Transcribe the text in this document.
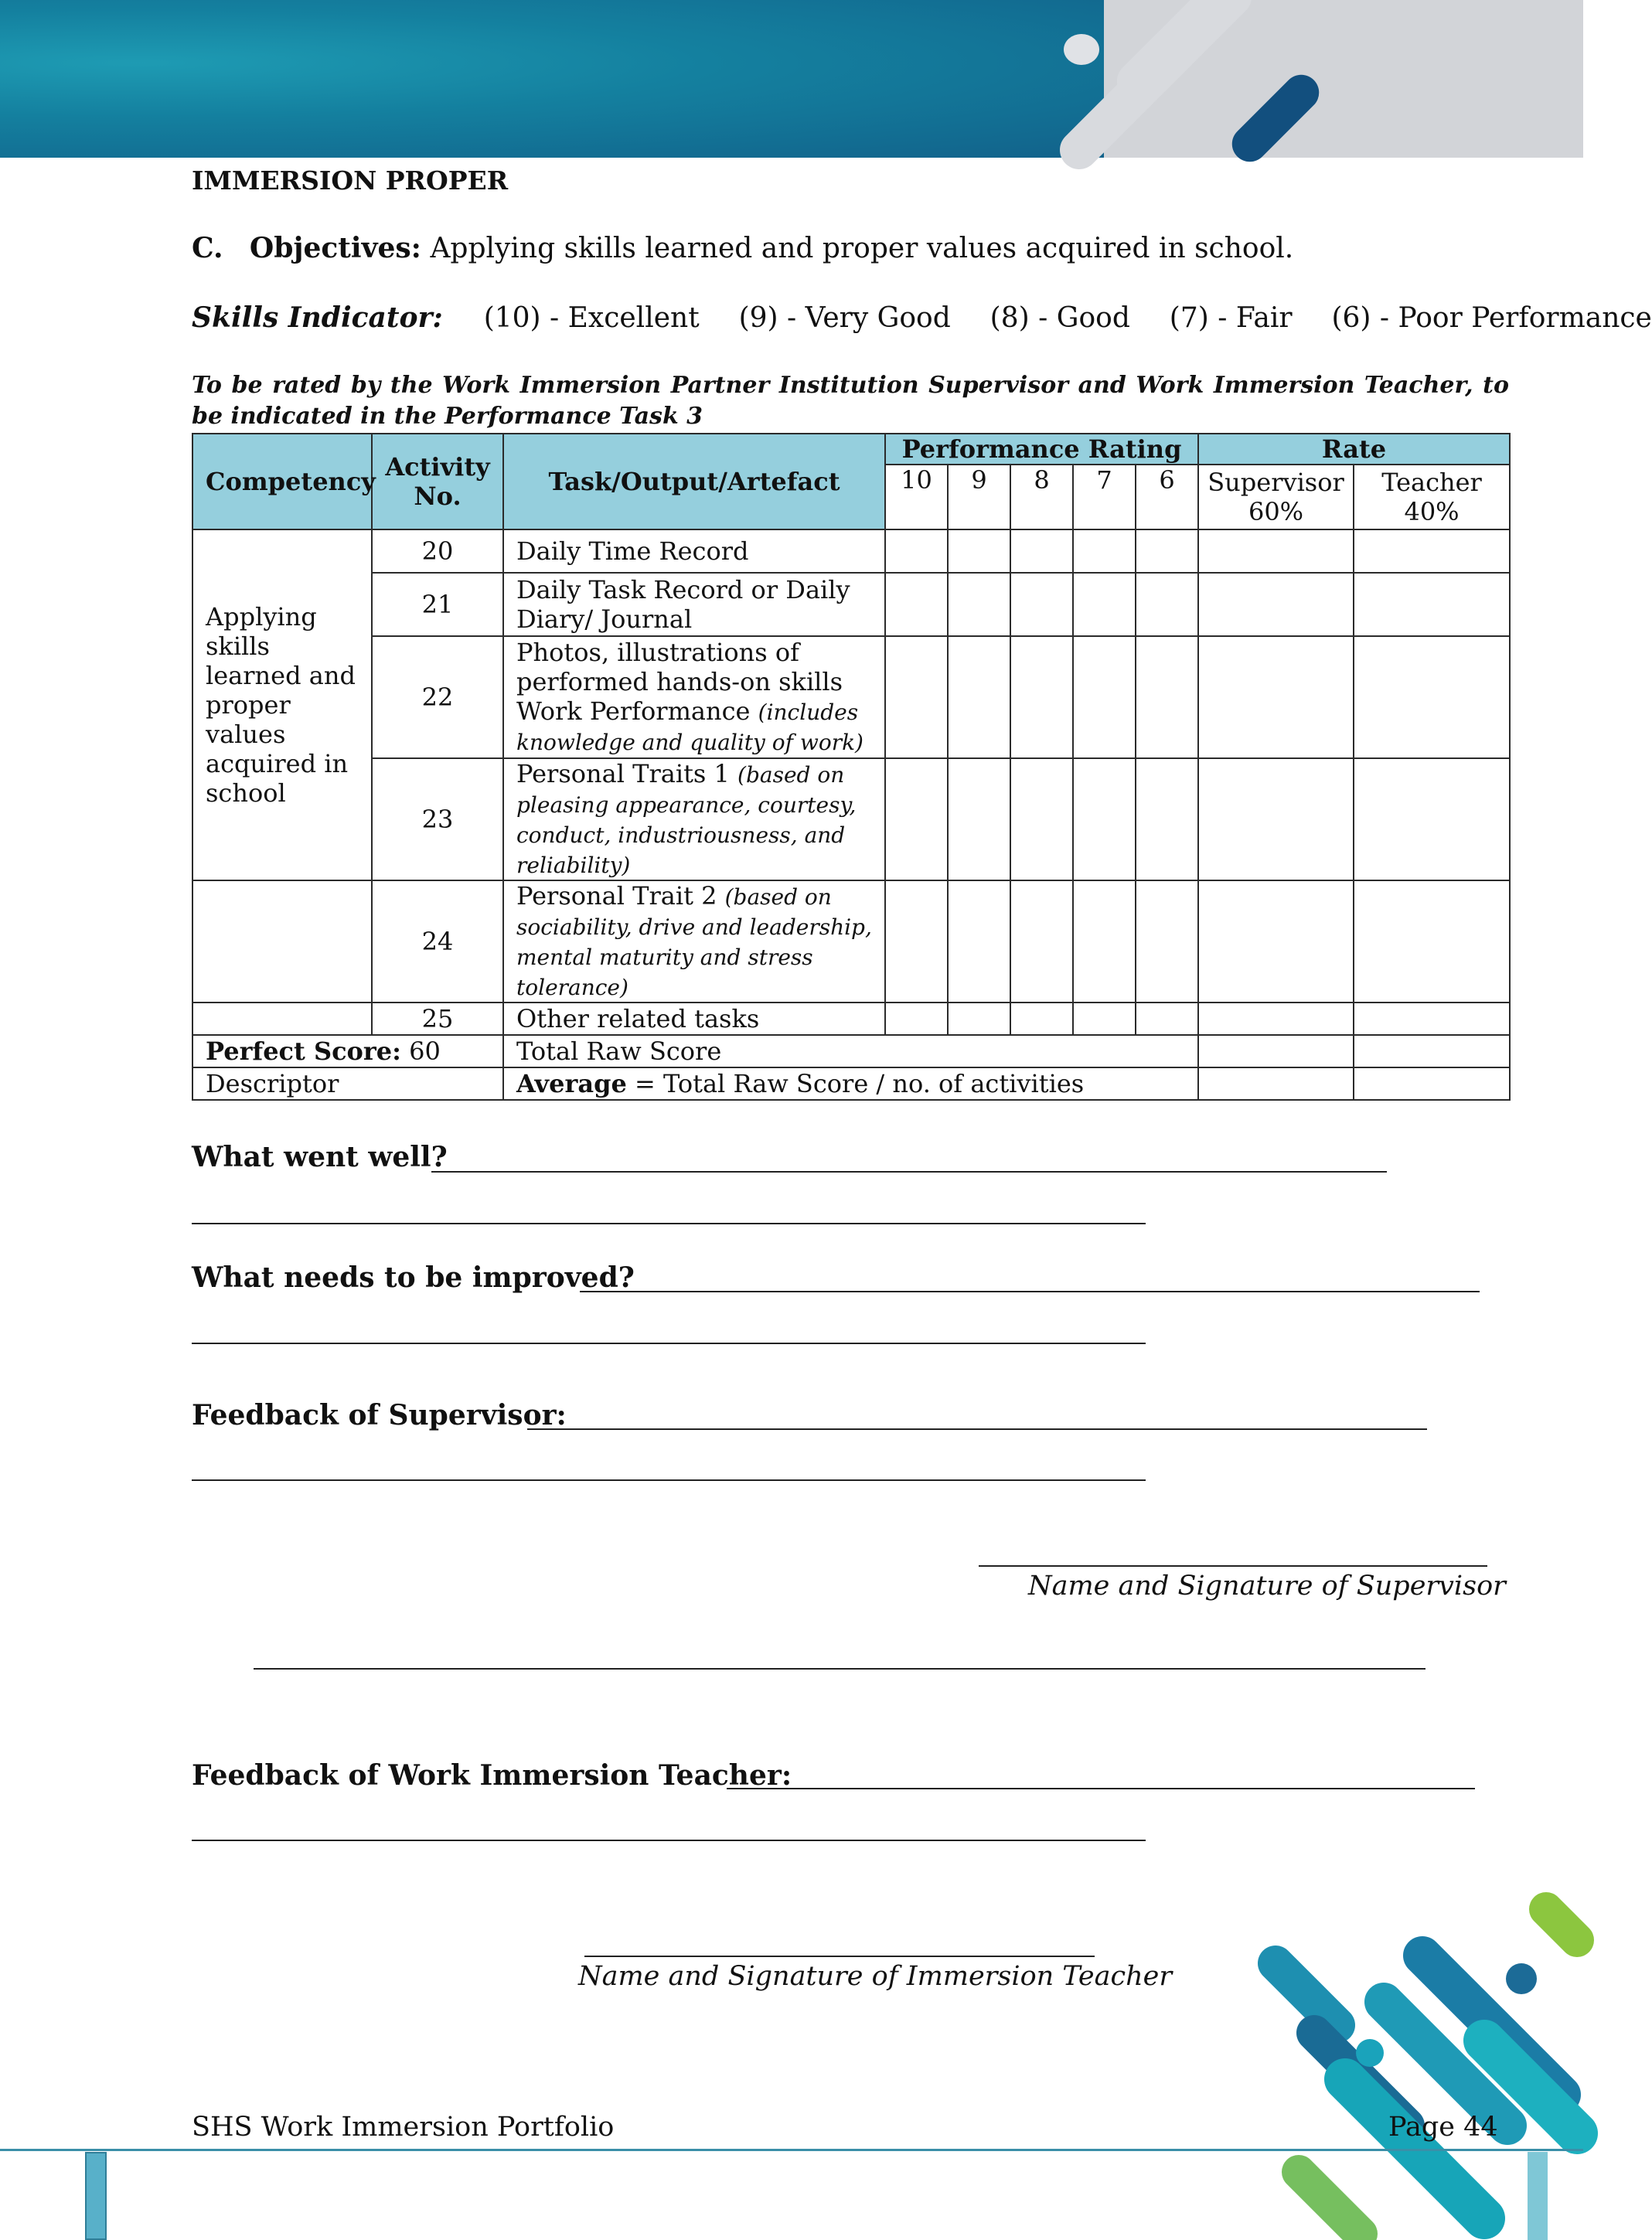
IMMERSION PROPER
C. Objectives: Applying skills learned and proper values acquired in school.
Skills Indicator: (10) - Excellent (9) - Very Good (8) - Good (7) - Fair (6) - Poor Performance
To be rated by the Work Immersion Partner Institution Supervisor and Work Immersion Teacher, to be indicated in the Performance Task 3
Competency	Activity No.	Task/Output/Artefact	Performance Rating					Rate	
			10	9	8	7	6	Supervisor 60%	Teacher 40%
Applying skills learned and proper values acquired in school	20	Daily Time Record							
	21	Daily Task Record or Daily Diary/ Journal							
	22	Photos, illustrations of performed hands-on skills Work Performance (includes knowledge and quality of work)							
	23	Personal Traits 1 (based on pleasing appearance, courtesy, conduct, industriousness, and reliability)							
	24	Personal Trait 2 (based on sociability, drive and leadership, mental maturity and stress tolerance)							
	25	Other related tasks							
Perfect Score: 60		Total Raw Score							
Descriptor		Average = Total Raw Score / no. of activities							
What went well?
What needs to be improved?
Feedback of Supervisor:
Name and Signature of Supervisor
Feedback of Work Immersion Teacher:
Name and Signature of Immersion Teacher
SHS Work Immersion Portfolio	Page 44
